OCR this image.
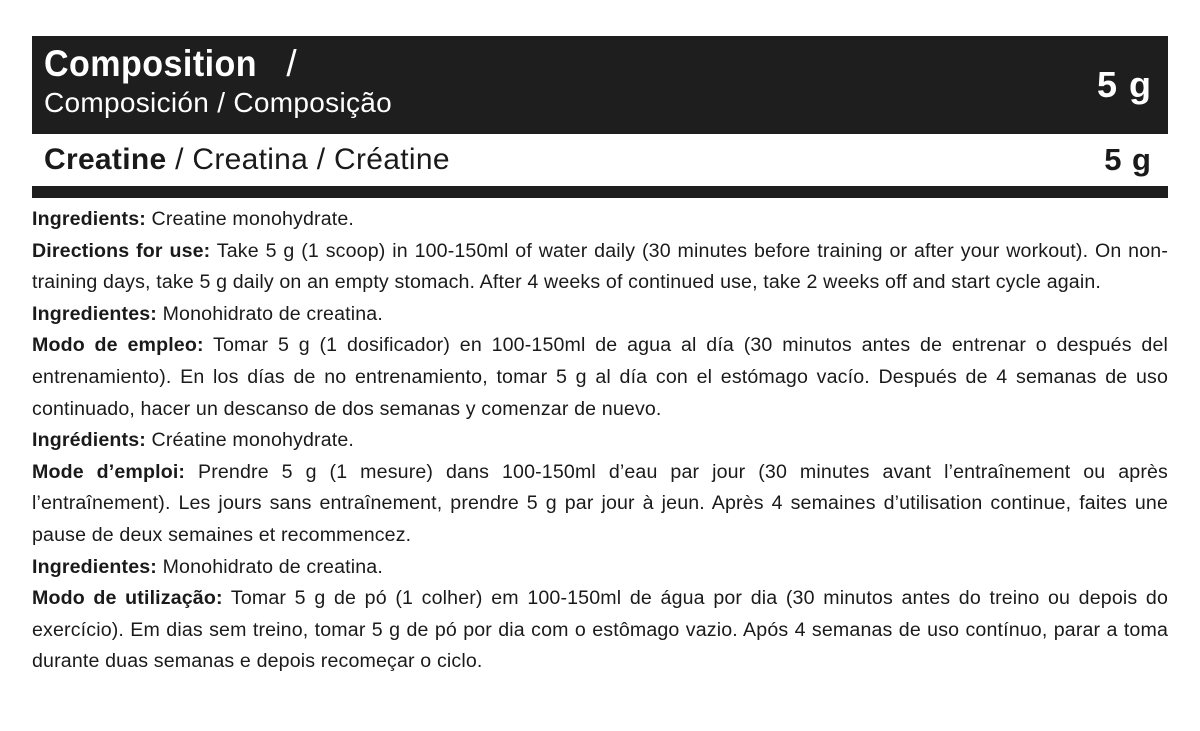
Composition /
Composición / Composição	5 g
Creatine / Creatina / Créatine	5 g

Ingredients: Creatine monohydrate.

Directions for use: Take 5 g (1 scoop) in 100-150ml of water daily (30 minutes before training or after your workout). On non-training days, take 5 g daily on an empty stomach. After 4 weeks of continued use, take 2 weeks off and start cycle again.

Ingredientes: Monohidrato de creatina.

Modo de empleo: Tomar 5 g (1 dosificador) en 100-150ml de agua al día (30 minutos antes de entrenar o después del entrenamiento). En los días de no entrenamiento, tomar 5 g al día con el estómago vacío. Después de 4 semanas de uso continuado, hacer un descanso de dos semanas y comenzar de nuevo.

Ingrédients: Créatine monohydrate.

Mode d’emploi: Prendre 5 g (1 mesure) dans 100-150ml d’eau par jour (30 minutes avant l’entraînement ou après l’entraînement). Les jours sans entraînement, prendre 5 g par jour à jeun. Après 4 semaines d’utilisation continue, faites une pause de deux semaines et recommencez.

Ingredientes: Monohidrato de creatina.

Modo de utilização: Tomar 5 g de pó (1 colher) em 100-150ml de água por dia (30 minutos antes do treino ou depois do exercício). Em dias sem treino, tomar 5 g de pó por dia com o estômago vazio. Após 4 semanas de uso contínuo, parar a toma durante duas semanas e depois recomeçar o ciclo.
